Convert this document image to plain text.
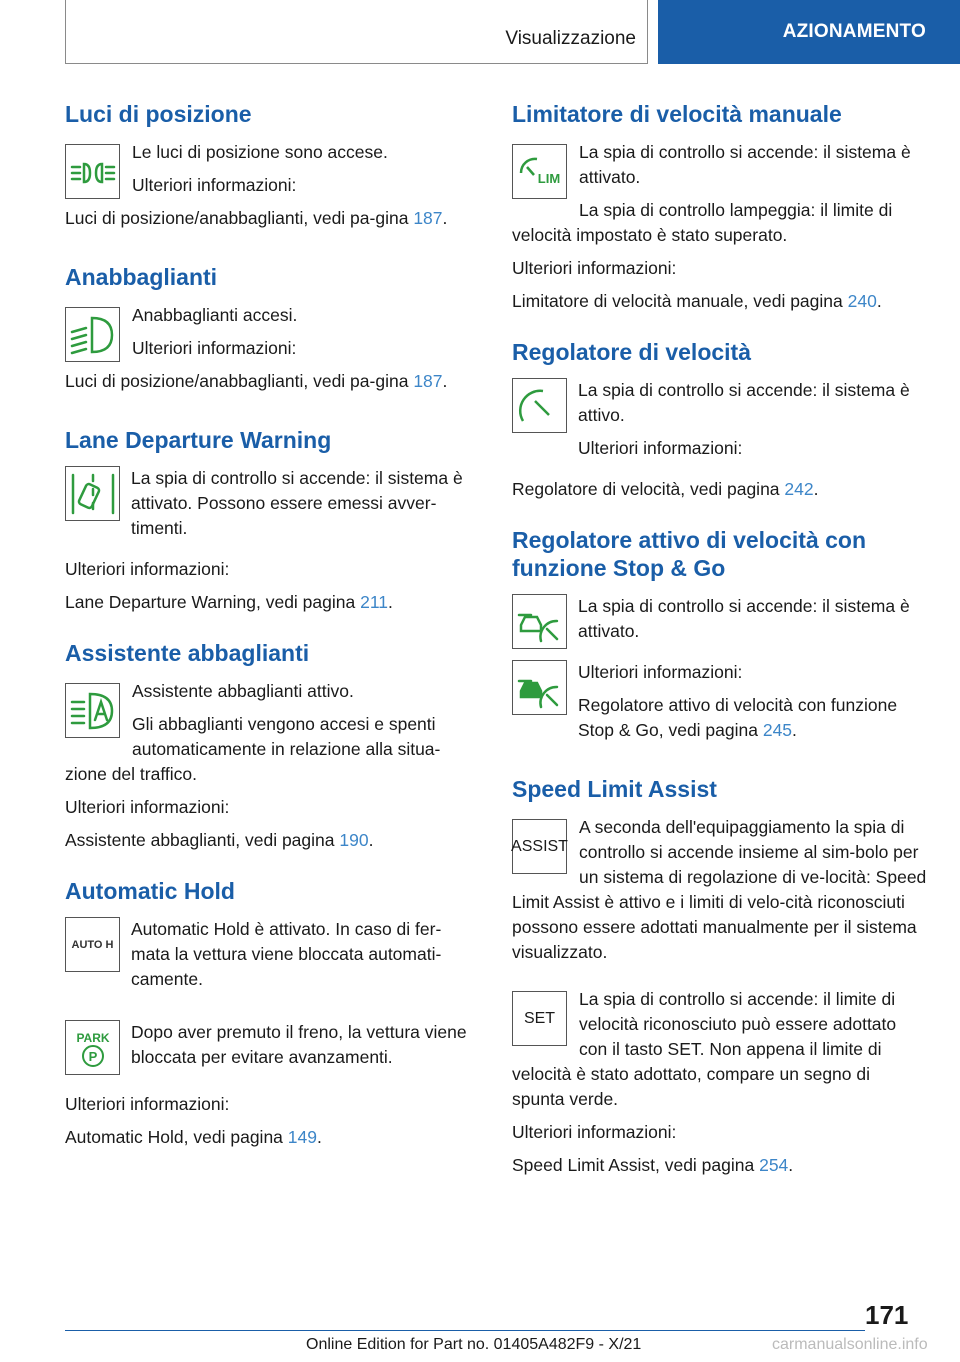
Visualizzazione	AZIONAMENTO
Luci di posizione

Le luci di posizione sono accese.

Ulteriori informazioni:

Luci di posizione/anabbaglianti, vedi pa-gina 187.

Anabbaglianti

Anabbaglianti accesi.

Ulteriori informazioni:

Luci di posizione/anabbaglianti, vedi pa-gina 187.

Lane Departure Warning

La spia di controllo si accende: il sistema è attivato. Possono essere emessi avver-timenti.

Ulteriori informazioni:

Lane Departure Warning, vedi pagina 211.

Assistente abbaglianti

Assistente abbaglianti attivo.

Gli abbaglianti vengono accesi e spenti automaticamente in relazione alla situa-zione del traffico.

Ulteriori informazioni:

Assistente abbaglianti, vedi pagina 190.

Automatic Hold
AUTO H

Automatic Hold è attivato. In caso di fer-mata la vettura viene bloccata automati-camente.

PARK
P

Dopo aver premuto il freno, la vettura viene bloccata per evitare avanzamenti.

Ulteriori informazioni:

Automatic Hold, vedi pagina 149.

Limitatore di velocità manuale
LIM

La spia di controllo si accende: il sistema è attivato.

La spia di controllo lampeggia: il limite di velocità impostato è stato superato.

Ulteriori informazioni:

Limitatore di velocità manuale, vedi pagina 240.

Regolatore di velocità

La spia di controllo si accende: il sistema è attivo.

Ulteriori informazioni:

Regolatore di velocità, vedi pagina 242.

Regolatore attivo di velocità con funzione Stop & Go

La spia di controllo si accende: il sistema è attivato.

Ulteriori informazioni:

Regolatore attivo di velocità con funzione Stop & Go, vedi pagina 245.

Speed Limit Assist
ASSIST

A seconda dell'equipaggiamento la spia di controllo si accende insieme al sim-bolo per un sistema di regolazione di ve-locità: Speed Limit Assist è attivo e i limiti di velo-cità riconosciuti possono essere adottati manualmente per il sistema visualizzato.

SET

La spia di controllo si accende: il limite di velocità riconosciuto può essere adottato con il tasto SET. Non appena il limite di velocità è stato adottato, compare un segno di spunta verde.

Ulteriori informazioni:

Speed Limit Assist, vedi pagina 254.

171
Online Edition for Part no. 01405A482F9 - X/21	carmanualsonline.info
